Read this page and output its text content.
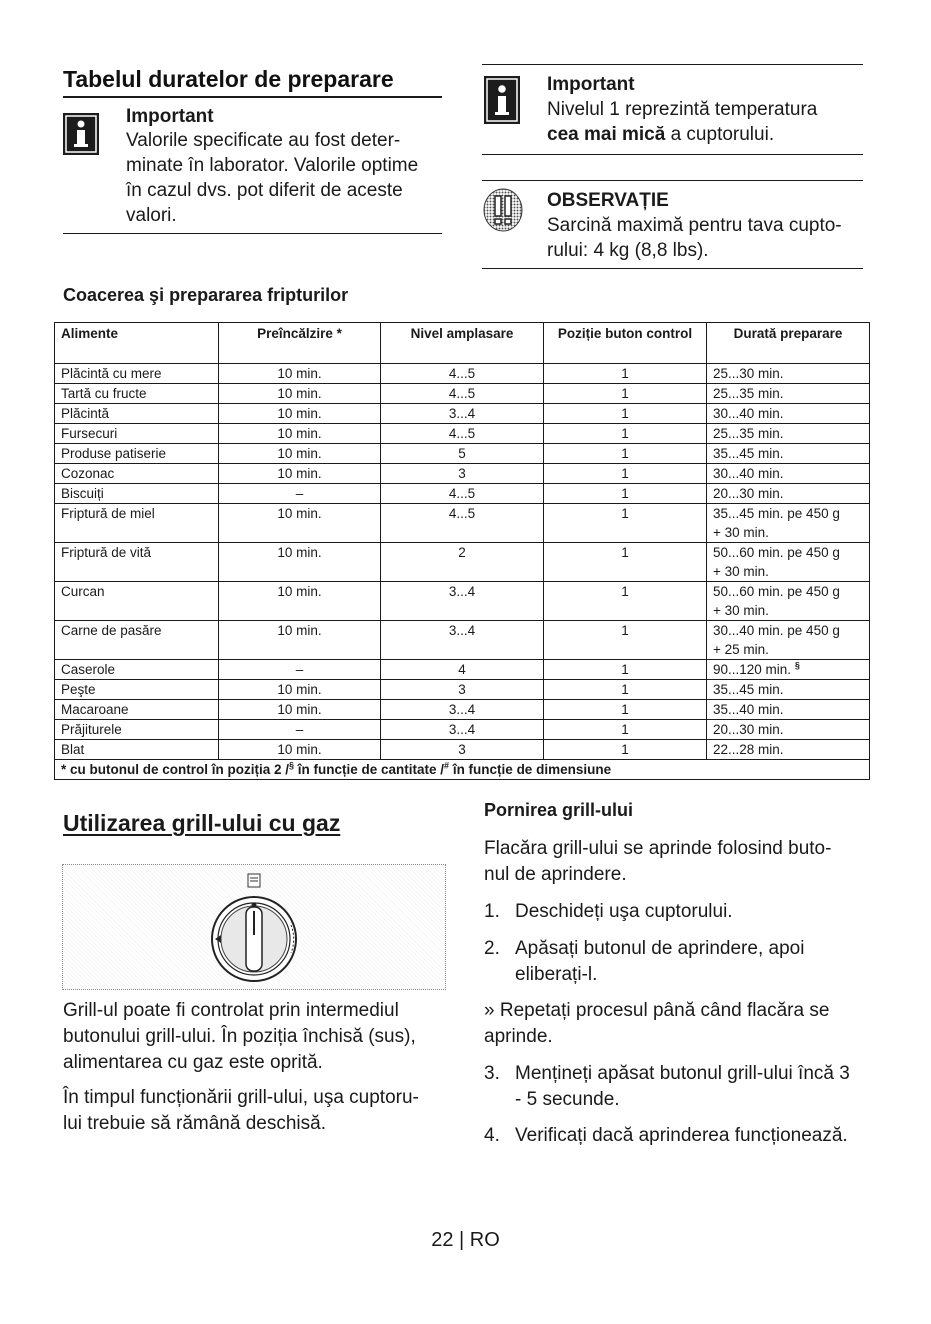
Tabelul duratelor de preparare
Important
Valorile specificate au fost deter-
minate în laborator. Valorile optime
în cazul dvs. pot diferit de aceste
valori.
Important
Nivelul 1 reprezintă temperatura
cea mai mică a cuptorului.
OBSERVAȚIE
Sarcină maximă pentru tava cupto-
rului: 4 kg (8,8 lbs).
Coacerea şi prepararea fripturilor
Alimente	Preîncălzire *	Nivel amplasare	Poziție buton control	Durată preparare
Plăcintă cu mere	10 min.	4...5	1	25...30 min.
Tartă cu fructe	10 min.	4...5	1	25...35 min.
Plăcintă	10 min.	3...4	1	30...40 min.
Fursecuri	10 min.	4...5	1	25...35 min.
Produse patiserie	10 min.	5	1	35...45 min.
Cozonac	10 min.	3	1	30...40 min.
Biscuiți	–	4...5	1	20...30 min.
Friptură de miel	10 min.	4...5	1	35...45 min. pe 450 g
+ 30 min.

Friptură de vită	10 min.	2	1	50...60 min. pe 450 g
+ 30 min.

Curcan	10 min.	3...4	1	50...60 min. pe 450 g
+ 30 min.

Carne de pasăre	10 min.	3...4	1	30...40 min. pe 450 g
+ 25 min.

Caserole	–	4	1	90...120 min. §
Peşte	10 min.	3	1	35...45 min.
Macaroane	10 min.	3...4	1	35...40 min.
Prăjiturele	–	3...4	1	20...30 min.
Blat	10 min.	3	1	22...28 min.
* cu butonul de control în poziția 2 /§ în funcție de cantitate /# în funcție de dimensiune				
Utilizarea grill-ului cu gaz
Grill-ul poate fi controlat prin intermediul
butonului grill-ului. În poziția închisă (sus),
alimentarea cu gaz este oprită.
În timpul funcționării grill-ului, uşa cuptoru-
lui trebuie să rămână deschisă.
Pornirea grill-ului
Flacăra grill-ului se aprinde folosind buto-
nul de aprindere.
1. Deschideți uşa cuptorului.
2. Apăsați butonul de aprindere, apoi
eliberați-l.
» Repetați procesul până când flacăra se
aprinde.
3. Mențineți apăsat butonul grill-ului încă 3
- 5 secunde.
4. Verificați dacă aprinderea funcționează.
22 | RO
